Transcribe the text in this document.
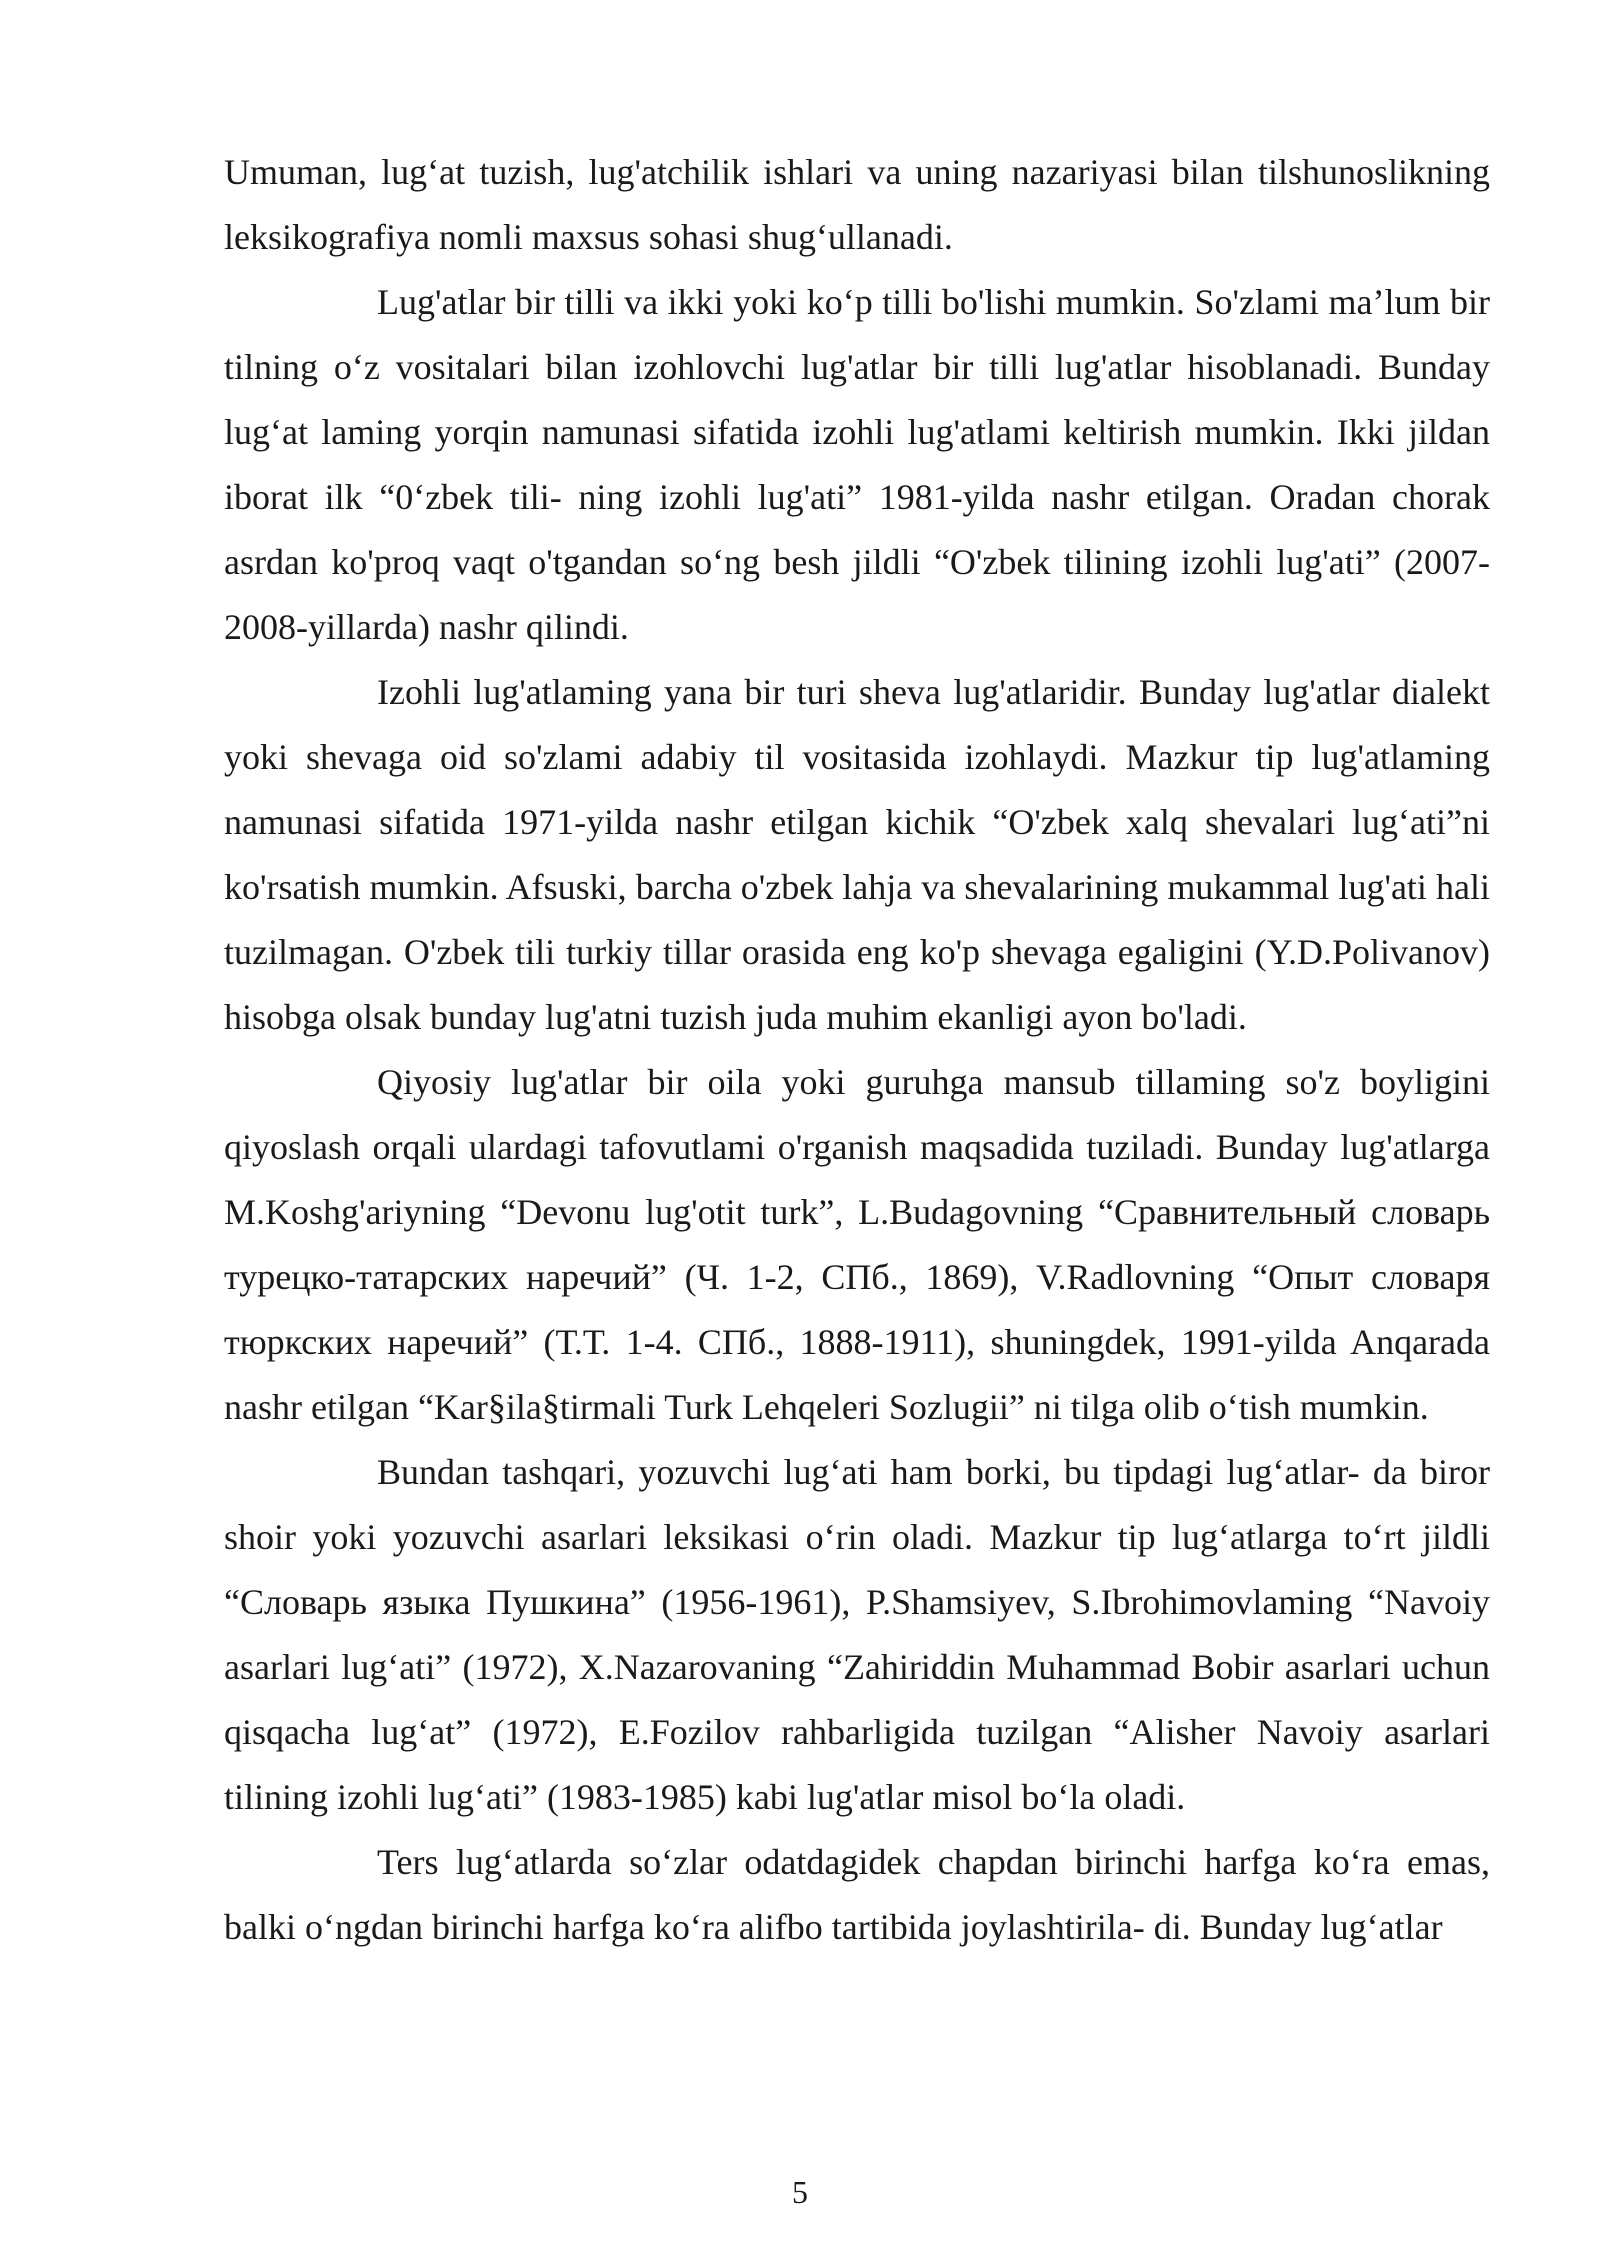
Umuman, lug‘at tuzish, lug'atchilik ishlari va uning nazariyasi bilan tilshunoslikning leksikografiya nomli maxsus sohasi shug‘ullanadi.

Lug'atlar bir tilli va ikki yoki ko‘p tilli bo'lishi mumkin. So'zlami ma’lum bir tilning o‘z vositalari bilan izohlovchi lug'atlar bir tilli lug'atlar hisoblanadi. Bunday lug‘at laming yorqin namunasi sifatida izohli lug'atlami keltirish mumkin. Ikki jildan iborat ilk “0‘zbek tili- ning izohli lug'ati” 1981-yilda nashr etilgan. Oradan chorak asrdan ko'proq vaqt o'tgandan so‘ng besh jildli “O'zbek tilining izohli lug'ati” (2007-2008-yillarda) nashr qilindi.

Izohli lug'atlaming yana bir turi sheva lug'atlaridir. Bunday lug'atlar dialekt yoki shevaga oid so'zlami adabiy til vositasida izohlaydi. Mazkur tip lug'atlaming namunasi sifatida 1971-yilda nashr etilgan kichik “O'zbek xalq shevalari lug‘ati”ni ko'rsatish mumkin. Afsuski, barcha o'zbek lahja va shevalarining mukammal lug'ati hali tuzilmagan. O'zbek tili turkiy tillar orasida eng ko'p shevaga egaligini (Y.D.Polivanov) hisobga olsak bunday lug'atni tuzish juda muhim ekanligi ayon bo'ladi.

Qiyosiy lug'atlar bir oila yoki guruhga mansub tillaming so'z boyligini qiyoslash orqali ulardagi tafovutlami o'rganish maqsadida tuziladi. Bunday lug'atlarga M.Koshg'ariyning “Devonu lug'otit turk”, L.Budagovning “Сравнительный словарь турецко-татарских наречий” (Ч. 1-2, СПб., 1869), V.Radlovning “Опыт словаря тюркских наречий” (Т.Т. 1-4. СПб., 1888-1911), shuningdek, 1991-yilda Anqarada nashr etilgan “Kar§ila§tirmali Turk Lehqeleri Sozlugii” ni tilga olib o‘tish mumkin.

Bundan tashqari, yozuvchi lug‘ati ham borki, bu tipdagi lug‘atlar- da biror shoir yoki yozuvchi asarlari leksikasi o‘rin oladi. Mazkur tip lug‘atlarga to‘rt jildli “Словарь языка Пушкина” (1956-1961), P.Shamsiyev, S.Ibrohimovlaming “Navoiy asarlari lug‘ati” (1972), X.Nazarovaning “Zahiriddin Muhammad Bobir asarlari uchun qisqacha lug‘at” (1972), E.Fozilov rahbarligida tuzilgan “Alisher Navoiy asarlari tilining izohli lug‘ati” (1983-1985) kabi lug'atlar misol bo‘la oladi.

Ters lug‘atlarda so‘zlar odatdagidek chapdan birinchi harfga ko‘ra emas, balki o‘ngdan birinchi harfga ko‘ra alifbo tartibida joylashtirila- di. Bunday lug‘atlar

5
